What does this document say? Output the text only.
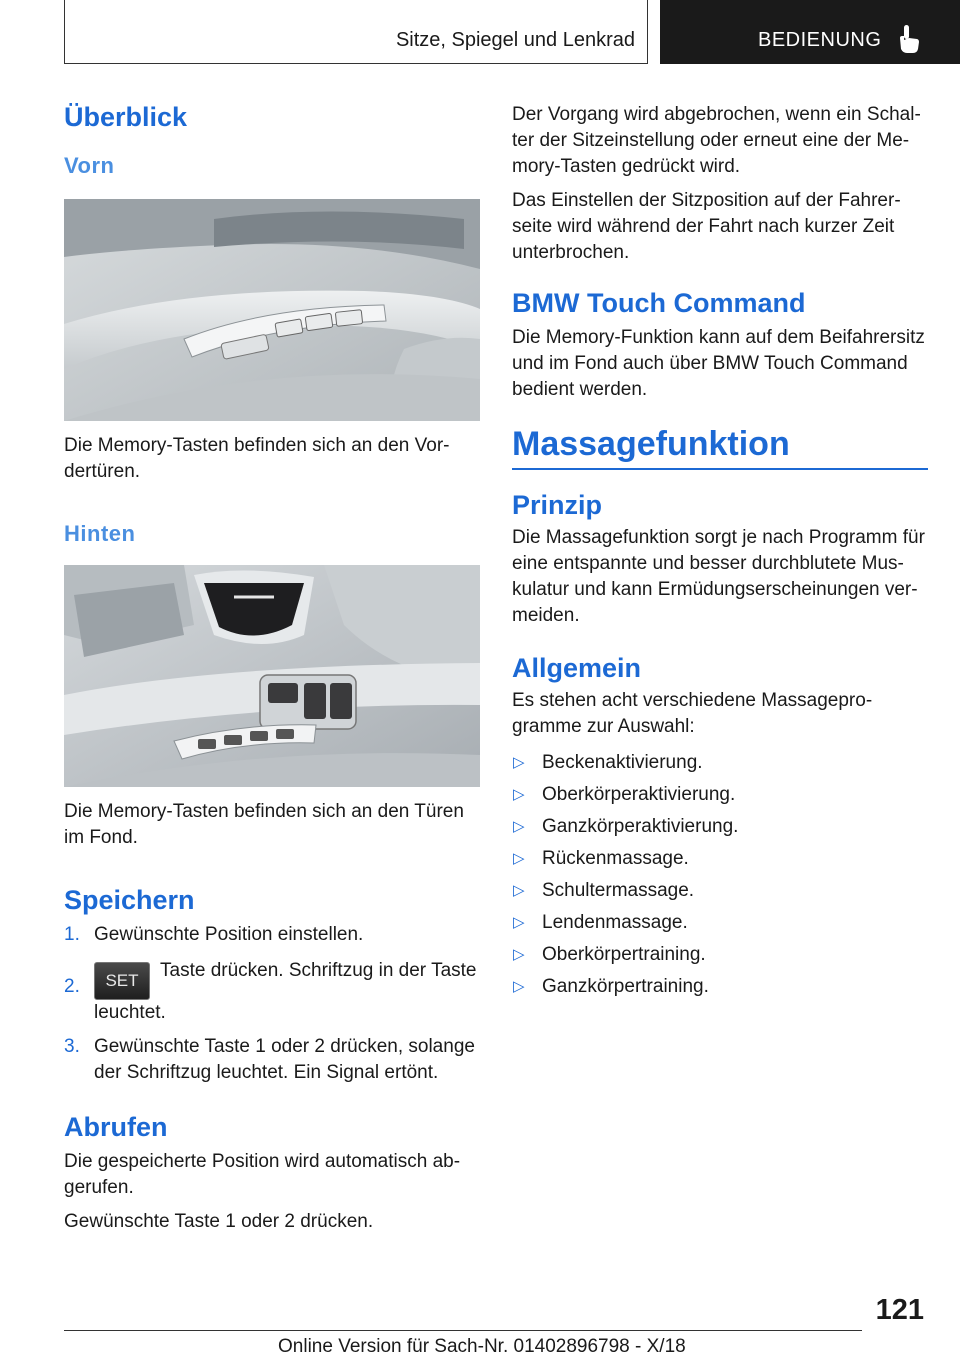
Sitze, Spiegel und Lenkrad	BEDIENUNG
Überblick
Vorn

Die Memory-Tasten befinden sich an den Vordertüren.

Hinten

Die Memory-Tasten befinden sich an den Türen im Fond.

Speichern
1. Gewünschte Position einstellen.
2. SET Taste drücken. Schriftzug in der Taste leuchtet.
3. Gewünschte Taste 1 oder 2 drücken, solange der Schriftzug leuchtet. Ein Signal ertönt.
Abrufen

Die gespeicherte Position wird automatisch abgerufen.

Gewünschte Taste 1 oder 2 drücken.

Der Vorgang wird abgebrochen, wenn ein Schalter der Sitzeinstellung oder erneut eine der Memory-Tasten gedrückt wird.

Das Einstellen der Sitzposition auf der Fahrerseite wird während der Fahrt nach kurzer Zeit unterbrochen.

BMW Touch Command

Die Memory-Funktion kann auf dem Beifahrersitz und im Fond auch über BMW Touch Command bedient werden.

Massagefunktion
Prinzip

Die Massagefunktion sorgt je nach Programm für eine entspannte und besser durchblutete Muskulatur und kann Ermüdungserscheinungen vermeiden.

Allgemein

Es stehen acht verschiedene Massageprogramme zur Auswahl:

▷ Beckenaktivierung.
▷ Oberkörperaktivierung.
▷ Ganzkörperaktivierung.
▷ Rückenmassage.
▷ Schultermassage.
▷ Lendenmassage.
▷ Oberkörpertraining.
▷ Ganzkörpertraining.
121
Online Version für Sach-Nr. 01402896798 - X/18
